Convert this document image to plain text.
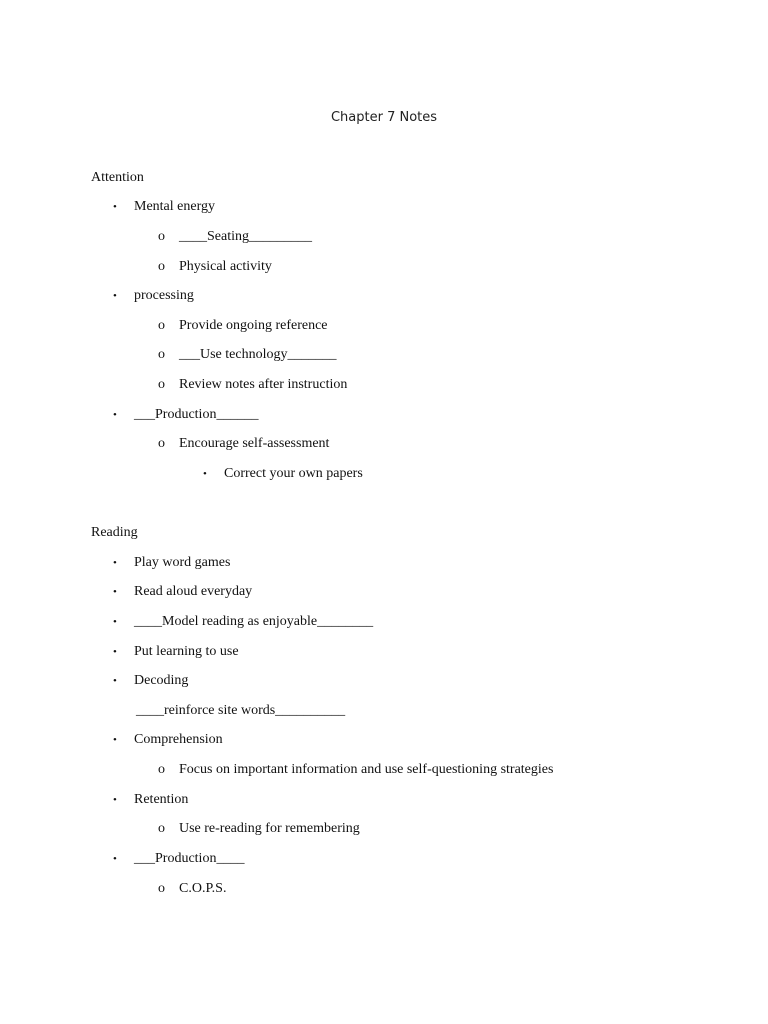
Chapter 7 Notes
Attention
• Mental energy
o ____Seating_________
o Physical activity
• processing
o Provide ongoing reference
o ___Use technology_______
o Review notes after instruction
• ___Production______
o Encourage self-assessment
• Correct your own papers
Reading
• Play word games
• Read aloud everyday
• ____Model reading as enjoyable________
• Put learning to use
• Decoding
____reinforce site words__________
• Comprehension
o Focus on important information and use self-questioning strategies
• Retention
o Use re-reading for remembering
• ___Production____
o C.O.P.S.
